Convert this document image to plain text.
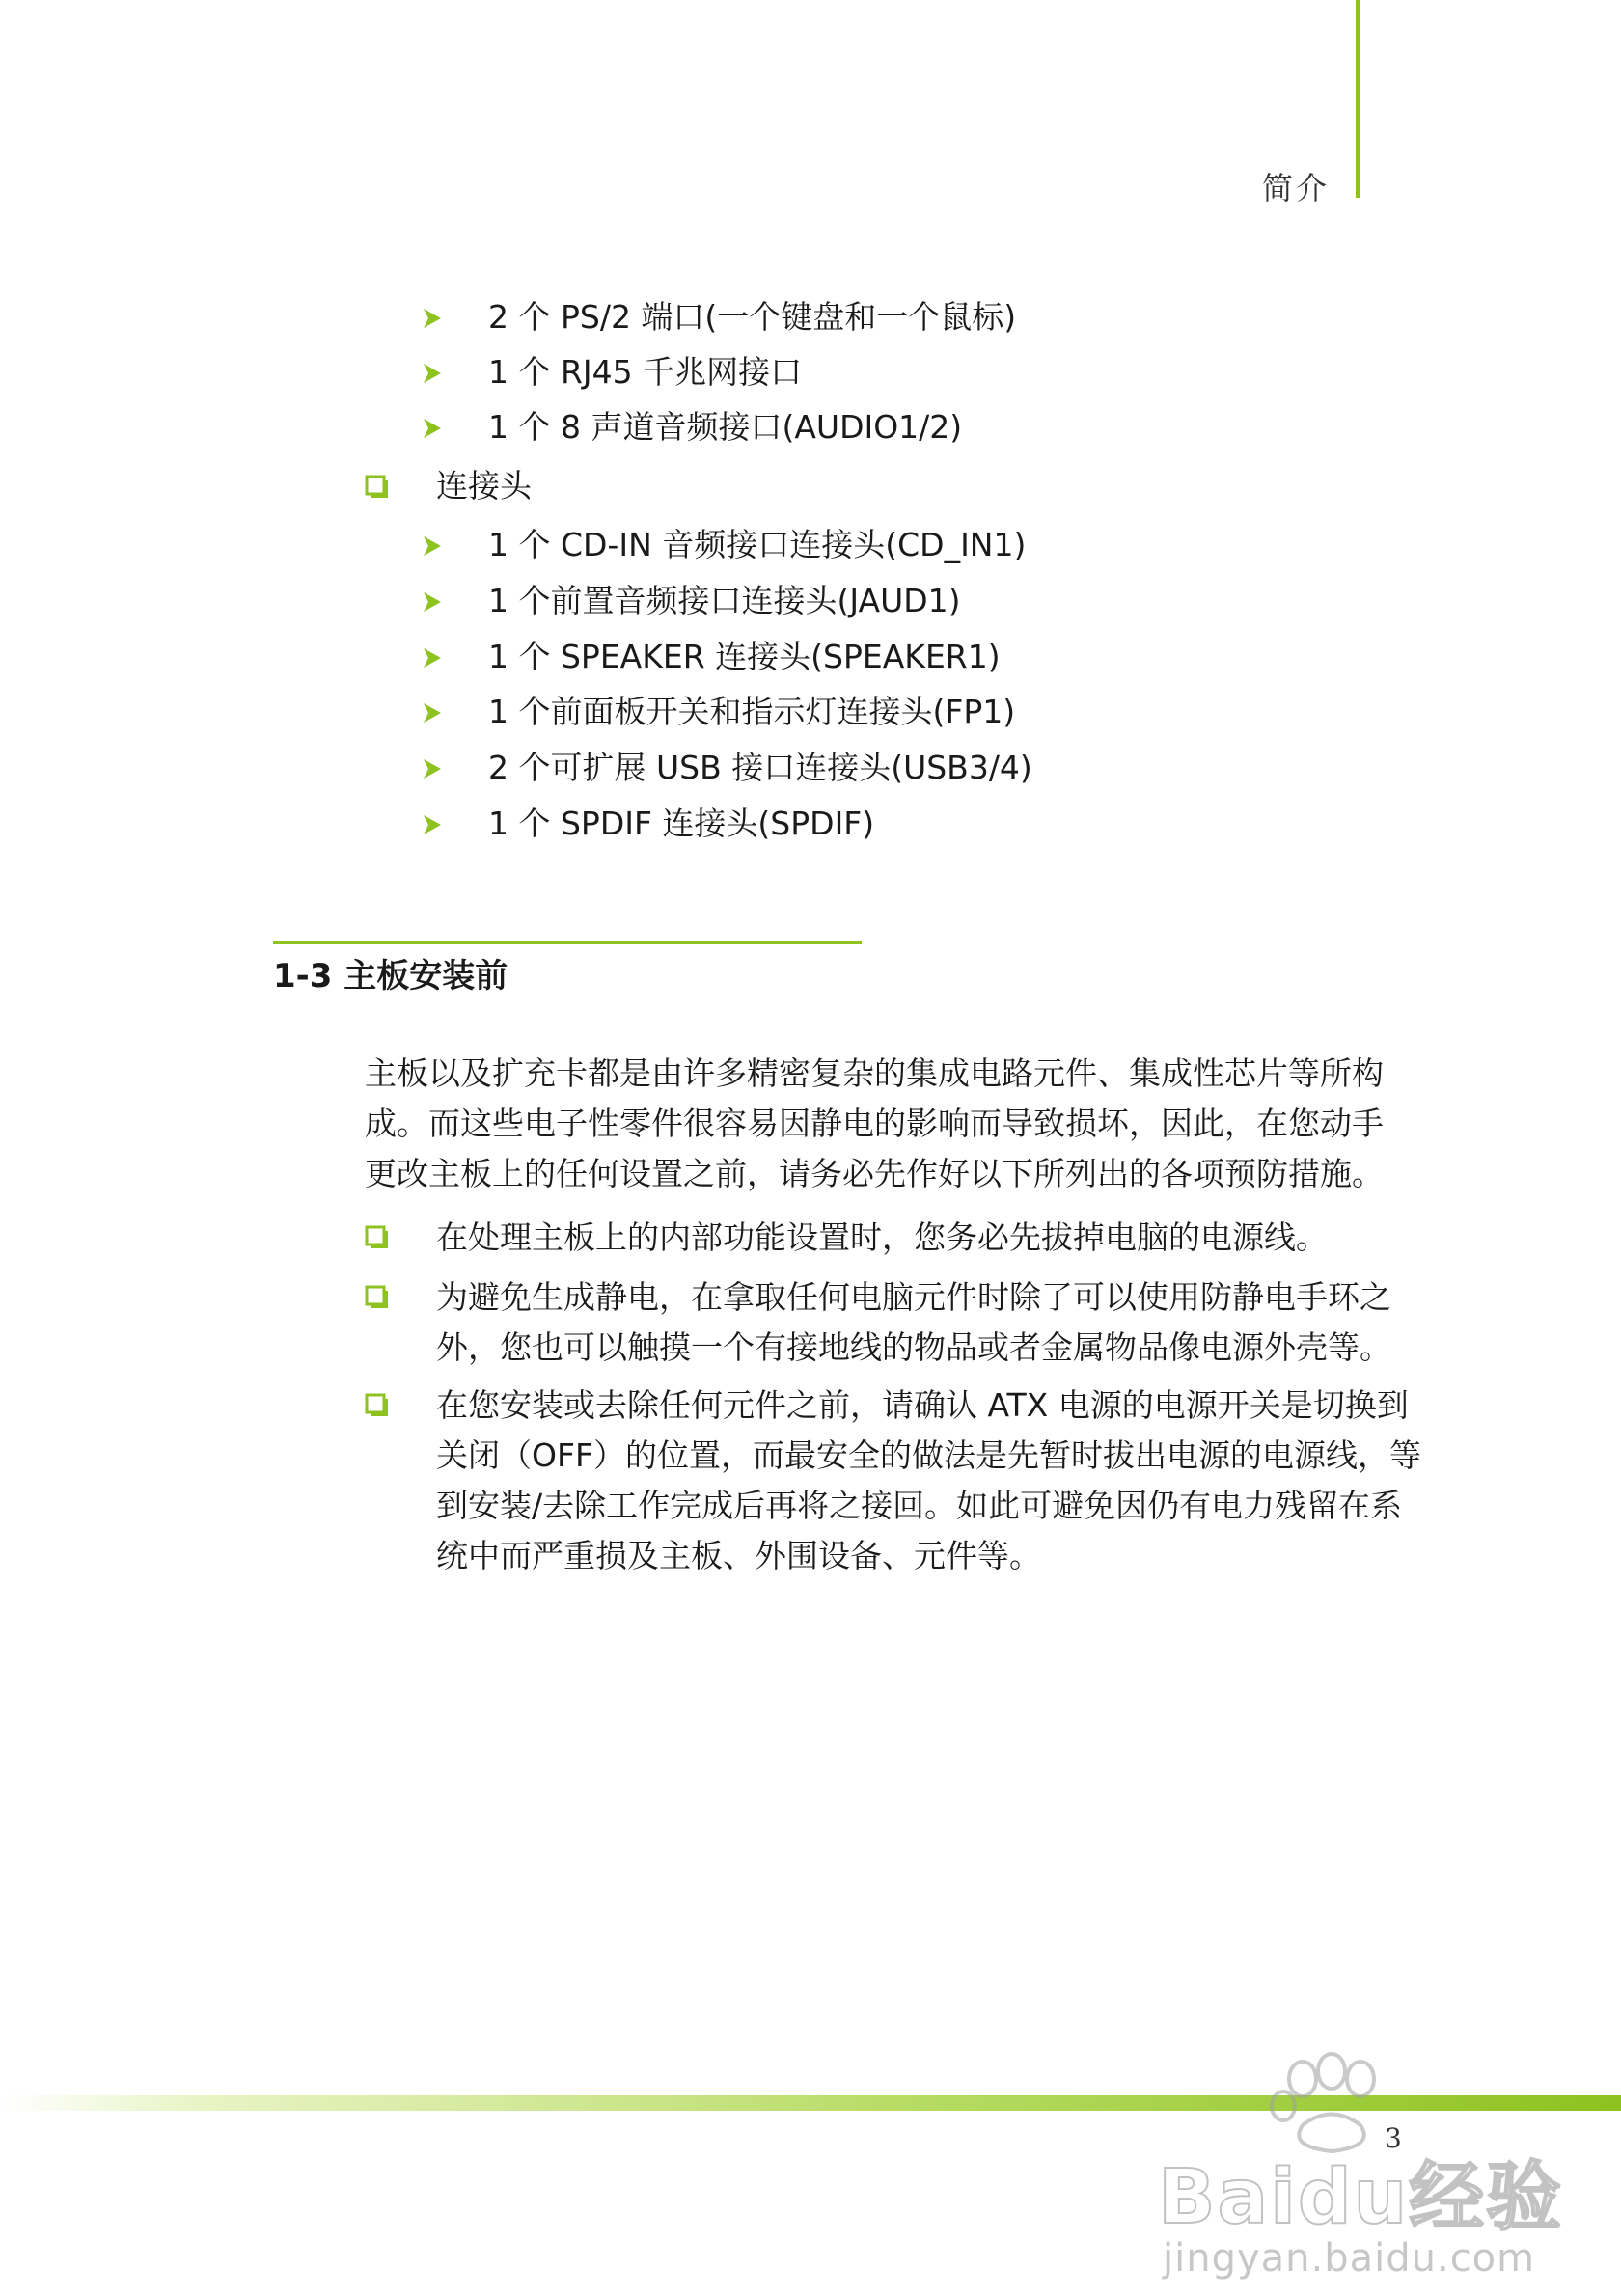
简介
2 个 PS/2 端口(一个键盘和一个鼠标)
1 个 RJ45 千兆网接口
1 个 8 声道音频接口(AUDIO1/2)
连接头
1 个 CD-IN 音频接口连接头(CD_IN1)
1 个前置音频接口连接头(JAUD1)
1 个 SPEAKER 连接头(SPEAKER1)
1 个前面板开关和指示灯连接头(FP1)
2 个可扩展 USB 接口连接头(USB3/4)
1 个 SPDIF 连接头(SPDIF)
1-3 主板安装前
主板以及扩充卡都是由许多精密复杂的集成电路元件、集成性芯片等所构
成。而这些电子性零件很容易因静电的影响而导致损坏，因此，在您动手
更改主板上的任何设置之前，请务必先作好以下所列出的各项预防措施。
在处理主板上的内部功能设置时，您务必先拔掉电脑的电源线。
为避免生成静电，在拿取任何电脑元件时除了可以使用防静电手环之
外，您也可以触摸一个有接地线的物品或者金属物品像电源外壳等。
在您安装或去除任何元件之前，请确认 ATX 电源的电源开关是切换到
关闭（OFF）的位置，而最安全的做法是先暂时拔出电源的电源线，等
到安装/去除工作完成后再将之接回。如此可避免因仍有电力残留在系
统中而严重损及主板、外围设备、元件等。
3
Baidu经验
jingyan.baidu.com
